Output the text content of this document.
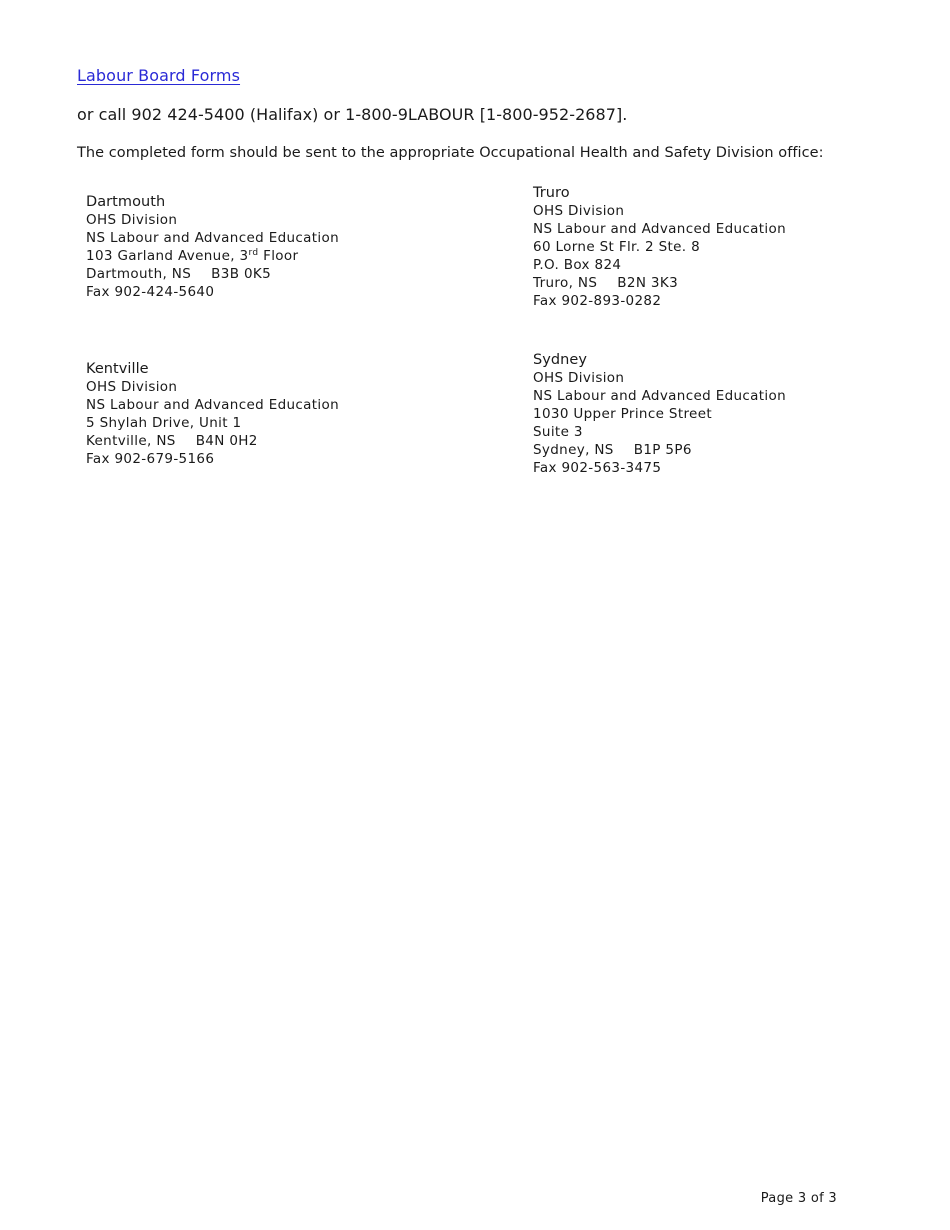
Labour Board Forms
or call 902 424-5400 (Halifax) or 1-800-9LABOUR [1-800-952-2687].
The completed form should be sent to the appropriate Occupational Health and Safety Division office:
Dartmouth
OHS Division
NS Labour and Advanced Education
103 Garland Avenue, 3rd Floor
Dartmouth, NS B3B 0K5
Fax 902-424-5640
Truro
OHS Division
NS Labour and Advanced Education
60 Lorne St Flr. 2 Ste. 8
P.O. Box 824
Truro, NS B2N 3K3
Fax 902-893-0282
Kentville
OHS Division
NS Labour and Advanced Education
5 Shylah Drive, Unit 1
Kentville, NS B4N 0H2
Fax 902-679-5166
Sydney
OHS Division
NS Labour and Advanced Education
1030 Upper Prince Street
Suite 3
Sydney, NS B1P 5P6
Fax 902-563-3475
Page 3 of 3
